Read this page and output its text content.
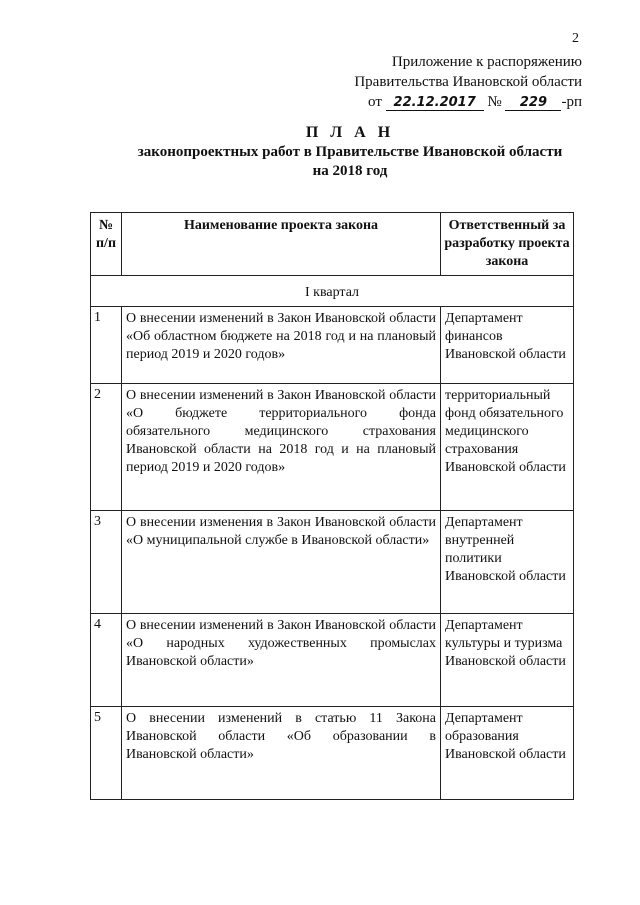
2
Приложение к распоряжению
Правительства Ивановской области
от 22.12.2017 № 229 -рп
П Л А Н
законопроектных работ в Правительстве Ивановской области
на 2018 год
№ п/п	Наименование проекта закона	Ответственный за разработку проекта закона
I квартал		
1	О внесении изменений в Закон Ивановской области «Об областном бюджете на 2018 год и на плановый период 2019 и 2020 годов»	Департамент финансов Ивановской области
2	О внесении изменений в Закон Ивановской области «О бюджете территориального фонда обязательного медицинского страхования Ивановской области на 2018 год и на плановый период 2019 и 2020 годов»	территориальный фонд обязательного медицинского страхования Ивановской области
3	О внесении изменения в Закон Ивановской области «О муниципальной службе в Ивановской области»	Департамент внутренней политики Ивановской области
4	О внесении изменений в Закон Ивановской области «О народных художественных промыслах Ивановской области»	Департамент культуры и туризма Ивановской области
5	О внесении изменений в статью 11 Закона Ивановской области «Об образовании в Ивановской области»	Департамент образования Ивановской области
